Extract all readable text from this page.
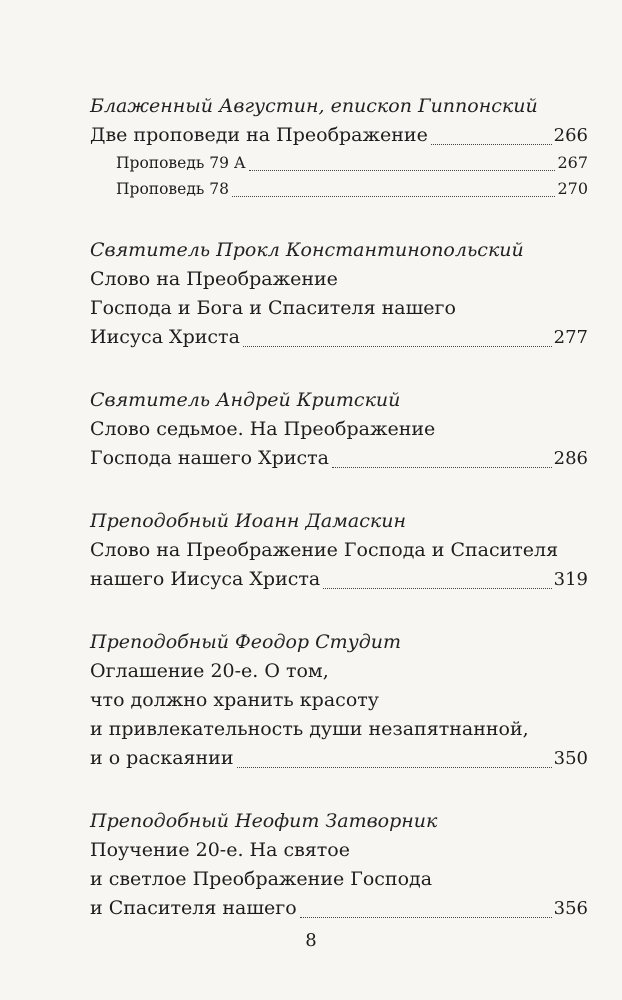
Блаженный Августин, епископ Гиппонский
Две проповеди на Преображение	266
Проповедь 79 А	267
Проповедь 78	270
Святитель Прокл Константинопольский
Слово на Преображение
Господа и Бога и Спасителя нашего
Иисуса Христа	277
Святитель Андрей Критский
Слово седьмое. На Преображение
Господа нашего Христа	286
Преподобный Иоанн Дамаскин
Слово на Преображение Господа и Спасителя
нашего Иисуса Христа	319
Преподобный Феодор Студит
Оглашение 20-е. О том,
что должно хранить красоту
и привлекательность души незапятнанной,
и о раскаянии	350
Преподобный Неофит Затворник
Поучение 20-е. На святое
и светлое Преображение Господа
и Спасителя нашего	356
8
